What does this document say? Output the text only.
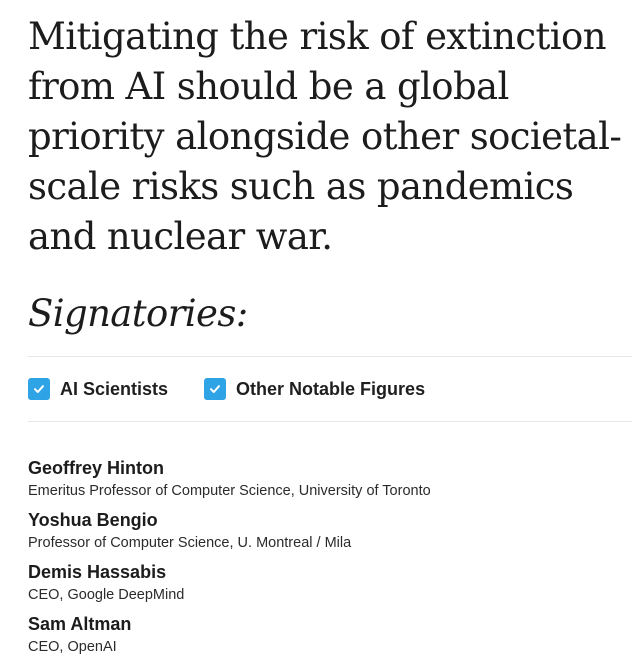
Mitigating the risk of extinction from AI should be a global priority alongside other societal-scale risks such as pandemics and nuclear war.
Signatories:
AI Scientists	Other Notable Figures
Geoffrey Hinton
Emeritus Professor of Computer Science, University of Toronto
Yoshua Bengio
Professor of Computer Science, U. Montreal / Mila
Demis Hassabis
CEO, Google DeepMind
Sam Altman
CEO, OpenAI
